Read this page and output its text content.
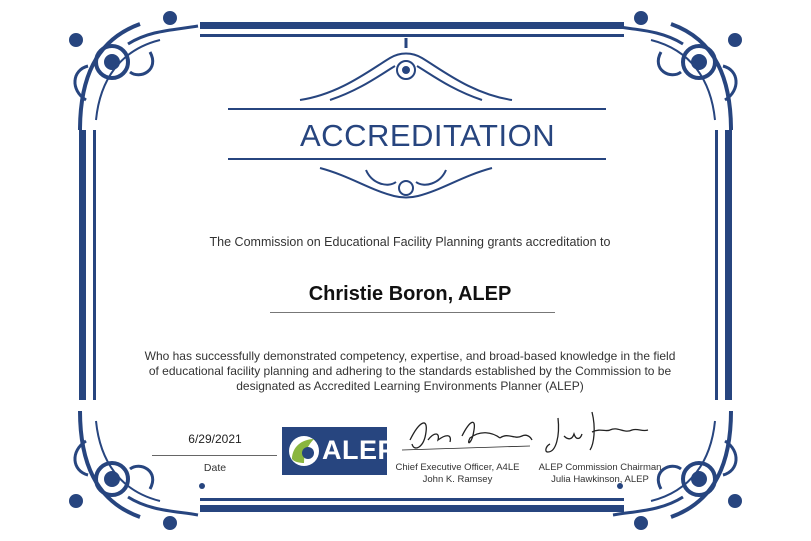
ACCREDITATION
The Commission on Educational Facility Planning grants accreditation to
Christie Boron, ALEP
Who has successfully demonstrated competency, expertise, and broad-based knowledge in the field of educational facility planning and adhering to the standards established by the Commission to be designated as Accredited Learning Environments Planner (ALEP)
6/29/2021
Date
ALEP
Chief Executive Officer, A4LE
John K. Ramsey
ALEP Commission Chairman
Julia Hawkinson, ALEP
